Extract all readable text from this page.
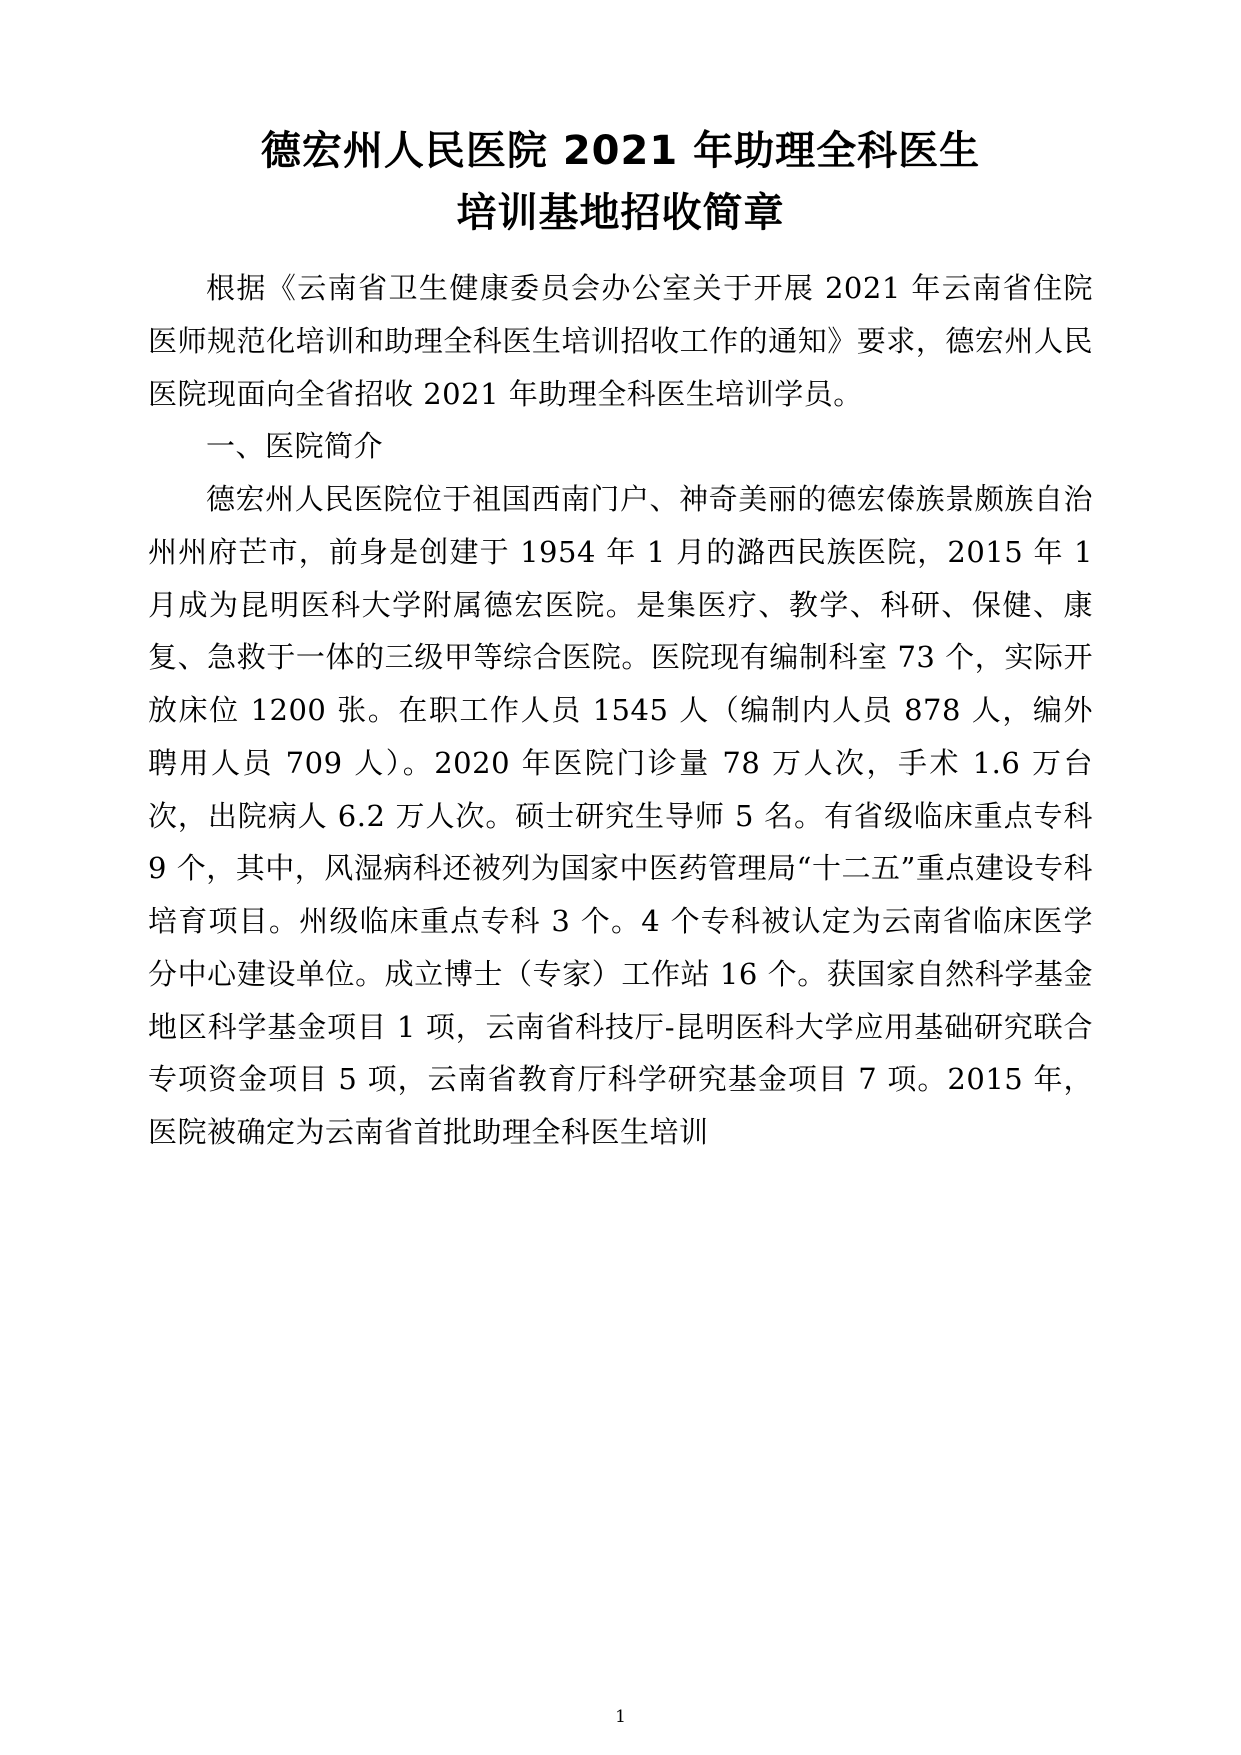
德宏州人民医院 2021 年助理全科医生
培训基地招收简章

根据《云南省卫生健康委员会办公室关于开展 2021 年云南省住院医师规范化培训和助理全科医生培训招收工作的通知》要求，德宏州人民医院现面向全省招收 2021 年助理全科医生培训学员。

一、医院简介

德宏州人民医院位于祖国西南门户、神奇美丽的德宏傣族景颇族自治州州府芒市，前身是创建于 1954 年 1 月的潞西民族医院，2015 年 1 月成为昆明医科大学附属德宏医院。是集医疗、教学、科研、保健、康复、急救于一体的三级甲等综合医院。医院现有编制科室 73 个，实际开放床位 1200 张。在职工作人员 1545 人（编制内人员 878 人，编外聘用人员 709 人）。2020 年医院门诊量 78 万人次，手术 1.6 万台次，出院病人 6.2 万人次。硕士研究生导师 5 名。有省级临床重点专科 9 个，其中，风湿病科还被列为国家中医药管理局“十二五”重点建设专科培育项目。州级临床重点专科 3 个。4 个专科被认定为云南省临床医学分中心建设单位。成立博士（专家）工作站 16 个。获国家自然科学基金地区科学基金项目 1 项，云南省科技厅-昆明医科大学应用基础研究联合专项资金项目 5 项，云南省教育厅科学研究基金项目 7 项。2015 年，医院被确定为云南省首批助理全科医生培训

1
